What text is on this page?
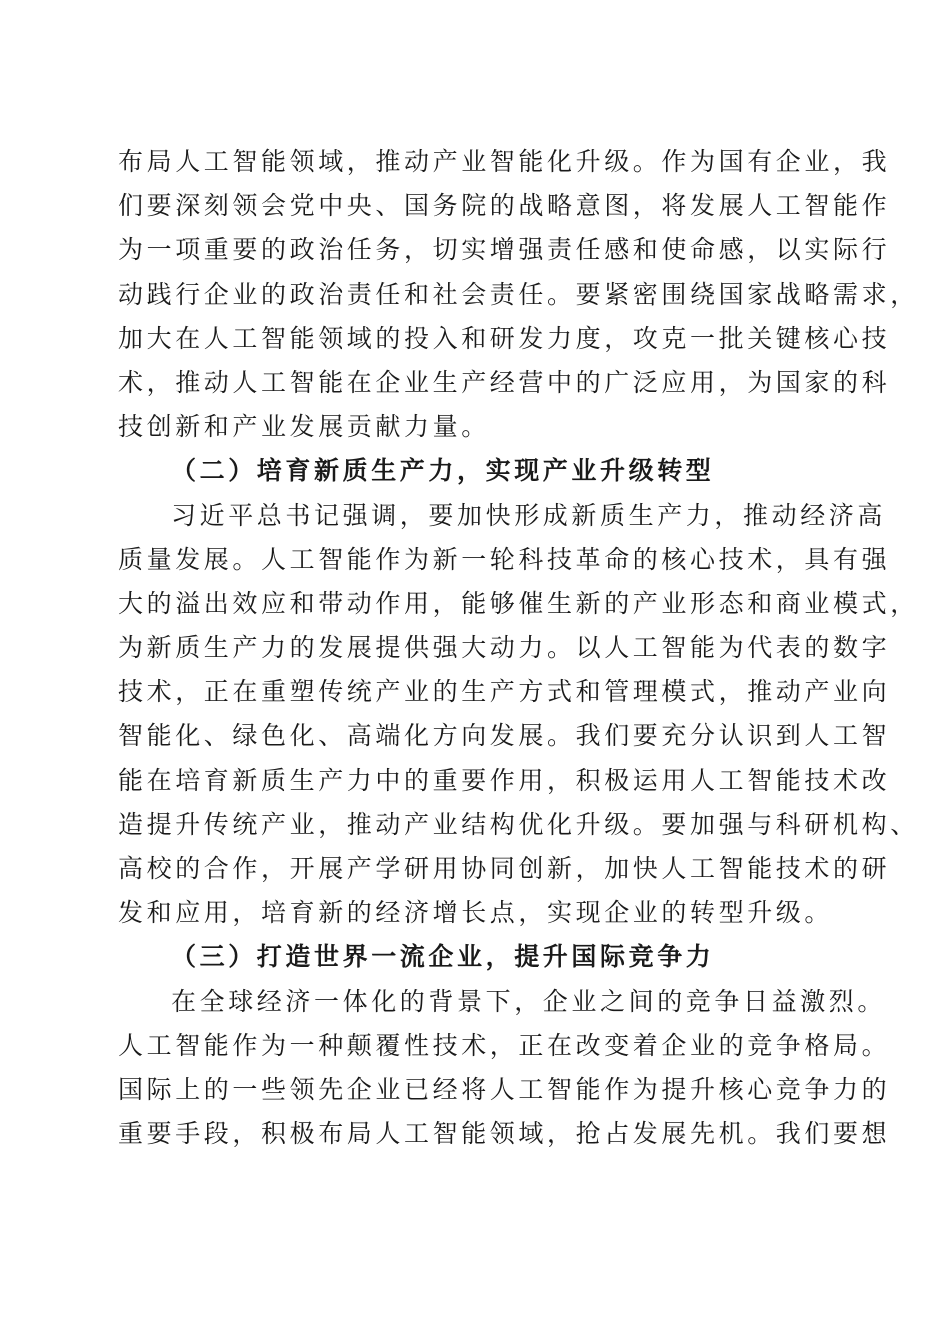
布局人工智能领域，推动产业智能化升级。作为国有企业，我
们要深刻领会党中央、国务院的战略意图，将发展人工智能作
为一项重要的政治任务，切实增强责任感和使命感，以实际行
动践行企业的政治责任和社会责任。要紧密围绕国家战略需求，
加大在人工智能领域的投入和研发力度，攻克一批关键核心技
术，推动人工智能在企业生产经营中的广泛应用，为国家的科
技创新和产业发展贡献力量。
（二）培育新质生产力，实现产业升级转型
习近平总书记强调，要加快形成新质生产力，推动经济高
质量发展。人工智能作为新一轮科技革命的核心技术，具有强
大的溢出效应和带动作用，能够催生新的产业形态和商业模式，
为新质生产力的发展提供强大动力。以人工智能为代表的数字
技术，正在重塑传统产业的生产方式和管理模式，推动产业向
智能化、绿色化、高端化方向发展。我们要充分认识到人工智
能在培育新质生产力中的重要作用，积极运用人工智能技术改
造提升传统产业，推动产业结构优化升级。要加强与科研机构、
高校的合作，开展产学研用协同创新，加快人工智能技术的研
发和应用，培育新的经济增长点，实现企业的转型升级。
（三）打造世界一流企业，提升国际竞争力
在全球经济一体化的背景下，企业之间的竞争日益激烈。
人工智能作为一种颠覆性技术，正在改变着企业的竞争格局。
国际上的一些领先企业已经将人工智能作为提升核心竞争力的
重要手段，积极布局人工智能领域，抢占发展先机。我们要想
